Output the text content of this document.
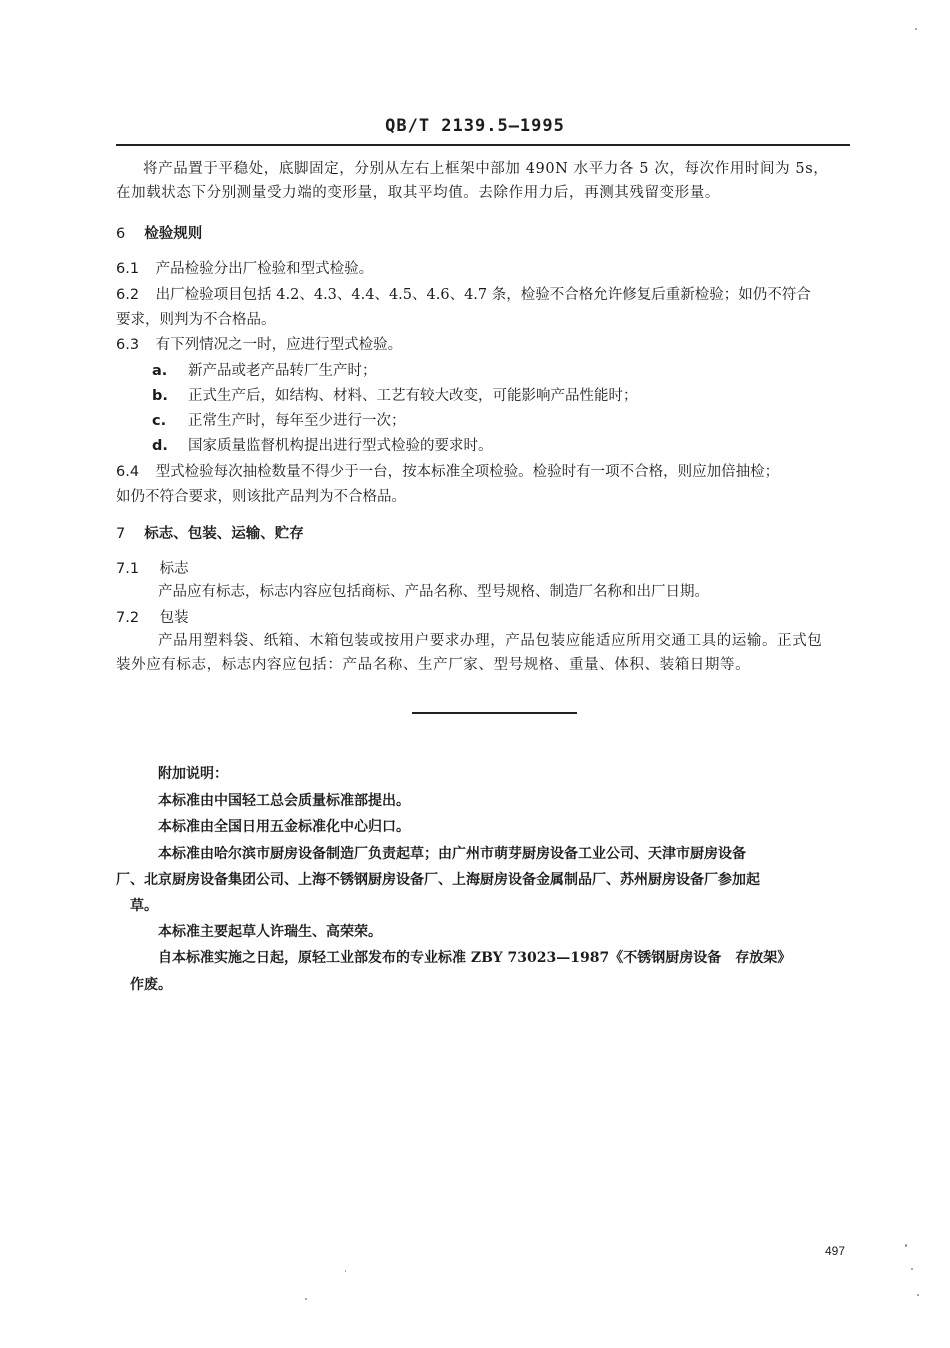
QB/T 2139.5—1995
将产品置于平稳处，底脚固定，分别从左右上框架中部加 490N 水平力各 5 次，每次作用时间为 5s，
在加载状态下分别测量受力端的变形量，取其平均值。去除作用力后，再测其残留变形量。
6 检验规则
6.1 产品检验分出厂检验和型式检验。
6.2 出厂检验项目包括 4.2、4.3、4.4、4.5、4.6、4.7 条，检验不合格允许修复后重新检验；如仍不符合
要求，则判为不合格品。
6.3 有下列情况之一时，应进行型式检验。
a. 新产品或老产品转厂生产时；
b. 正式生产后，如结构、材料、工艺有较大改变，可能影响产品性能时；
c. 正常生产时，每年至少进行一次；
d. 国家质量监督机构提出进行型式检验的要求时。
6.4 型式检验每次抽检数量不得少于一台，按本标准全项检验。检验时有一项不合格，则应加倍抽检；
如仍不符合要求，则该批产品判为不合格品。
7 标志、包装、运输、贮存
7.1 标志
产品应有标志，标志内容应包括商标、产品名称、型号规格、制造厂名称和出厂日期。
7.2 包装
产品用塑料袋、纸箱、木箱包装或按用户要求办理，产品包装应能适应所用交通工具的运输。正式包
装外应有标志，标志内容应包括：产品名称、生产厂家、型号规格、重量、体积、装箱日期等。
附加说明：
本标准由中国轻工总会质量标准部提出。
本标准由全国日用五金标准化中心归口。
本标准由哈尔滨市厨房设备制造厂负责起草；由广州市萌芽厨房设备工业公司、天津市厨房设备
厂、北京厨房设备集团公司、上海不锈钢厨房设备厂、上海厨房设备金属制品厂、苏州厨房设备厂参加起
草。
本标准主要起草人许瑞生、高荣荣。
自本标准实施之日起，原轻工业部发布的专业标准 ZBY 73023—1987《不锈钢厨房设备　存放架》
作废。
497
